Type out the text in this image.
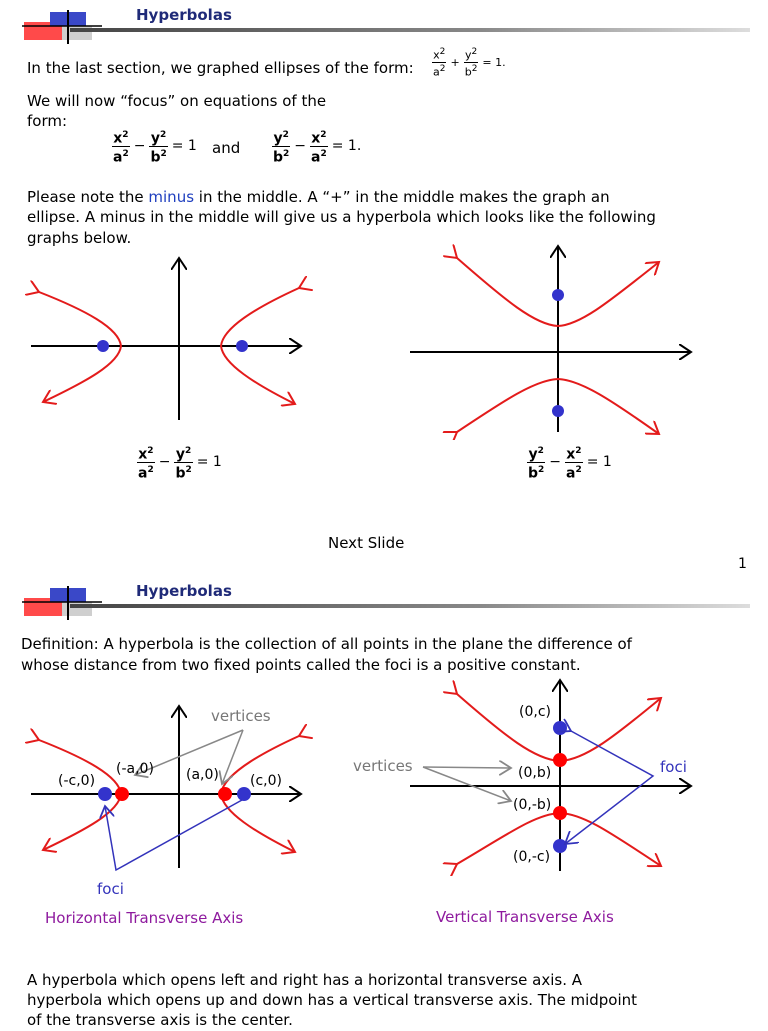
Hyperbolas
In the last section, we graphed ellipses of the form: $\frac{x^2}{a^2} + \frac{y^2}{b^2} = 1$.
We will now “focus” on equations of the
form:
$\frac{x^2}{a^2} - \frac{y^2}{b^2} = 1$ and $\frac{y^2}{b^2} - \frac{x^2}{a^2} = 1$.
Please note the minus in the middle. A “+” in the middle makes the graph an
ellipse. A minus in the middle will give us a hyperbola which looks like the following
graphs below.
$\frac{x^2}{a^2} - \frac{y^2}{b^2} = 1$	$\frac{y^2}{b^2} - \frac{x^2}{a^2} = 1$
Next Slide
1
Hyperbolas
Definition: A hyperbola is the collection of all points in the plane the difference of
whose distance from two fixed points called the foci is a positive constant.
vertices
(-a,0) (a,0)
(-c,0)	(c,0)
foci
Horizontal Transverse Axis
vertices
(0,c)
(0,b)
(0,-b)
(0,-c)
foci
Vertical Transverse Axis
A hyperbola which opens left and right has a horizontal transverse axis. A
hyperbola which opens up and down has a vertical transverse axis. The midpoint
of the transverse axis is the center.
